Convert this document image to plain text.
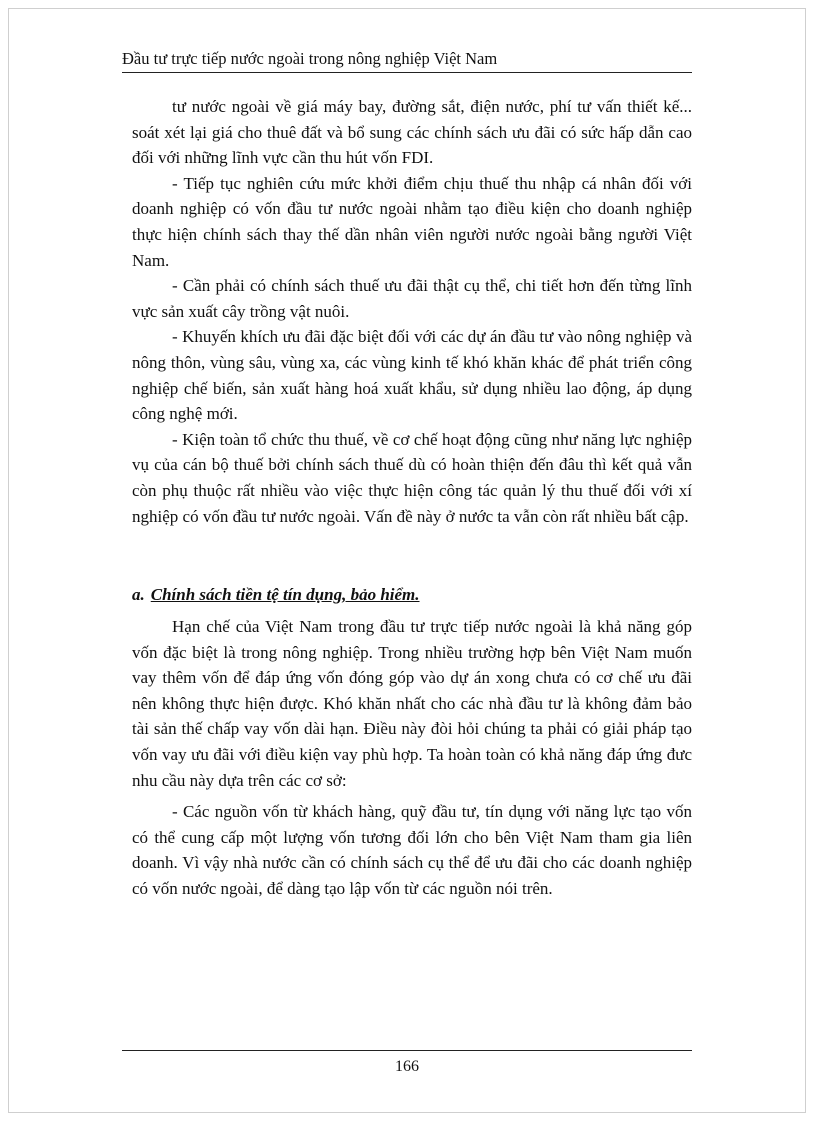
Đầu tư trực tiếp nước ngoài trong nông nghiệp Việt Nam

tư nước ngoài về giá máy bay, đường sắt, điện nước, phí tư vấn thiết kế... soát xét lại giá cho thuê đất và bổ sung các chính sách ưu đãi có sức hấp dẫn cao đối với những lĩnh vực cần thu hút vốn FDI.

- Tiếp tục nghiên cứu mức khởi điểm chịu thuế thu nhập cá nhân đối với doanh nghiệp có vốn đầu tư nước ngoài nhằm tạo điều kiện cho doanh nghiệp thực hiện chính sách thay thế dần nhân viên người nước ngoài bằng người Việt Nam.

- Cần phải có chính sách thuế ưu đãi thật cụ thể, chi tiết hơn đến từng lĩnh vực sản xuất cây trồng vật nuôi.

- Khuyến khích ưu đãi đặc biệt đối với các dự án đầu tư vào nông nghiệp và nông thôn, vùng sâu, vùng xa, các vùng kinh tế khó khăn khác để phát triển công nghiệp chế biến, sản xuất hàng hoá xuất khẩu, sử dụng nhiều lao động, áp dụng công nghệ mới.

- Kiện toàn tổ chức thu thuế, về cơ chế hoạt động cũng như năng lực nghiệp vụ của cán bộ thuế bởi chính sách thuế dù có hoàn thiện đến đâu thì kết quả vẫn còn phụ thuộc rất nhiều vào việc thực hiện công tác quản lý thu thuế đối với xí nghiệp có vốn đầu tư nước ngoài. Vấn đề này ở nước ta vẫn còn rất nhiều bất cập.

a. Chính sách tiền tệ tín dụng, bảo hiểm.

Hạn chế của Việt Nam trong đầu tư trực tiếp nước ngoài là khả năng góp vốn đặc biệt là trong nông nghiệp. Trong nhiều trường hợp bên Việt Nam muốn vay thêm vốn để đáp ứng vốn đóng góp vào dự án xong chưa có cơ chế ưu đãi nên không thực hiện được. Khó khăn nhất cho các nhà đầu tư là không đảm bảo tài sản thế chấp vay vốn dài hạn. Điều này đòi hỏi chúng ta phải có giải pháp tạo vốn vay ưu đãi với điều kiện vay phù hợp. Ta hoàn toàn có khả năng đáp ứng đưc nhu cầu này dựa trên các cơ sở:

- Các nguồn vốn từ khách hàng, quỹ đầu tư, tín dụng với năng lực tạo vốn có thể cung cấp một lượng vốn tương đối lớn cho bên Việt Nam tham gia liên doanh. Vì vậy nhà nước cần có chính sách cụ thể để ưu đãi cho các doanh nghiệp có vốn nước ngoài, để dàng tạo lập vốn từ các nguồn nói trên.

166
